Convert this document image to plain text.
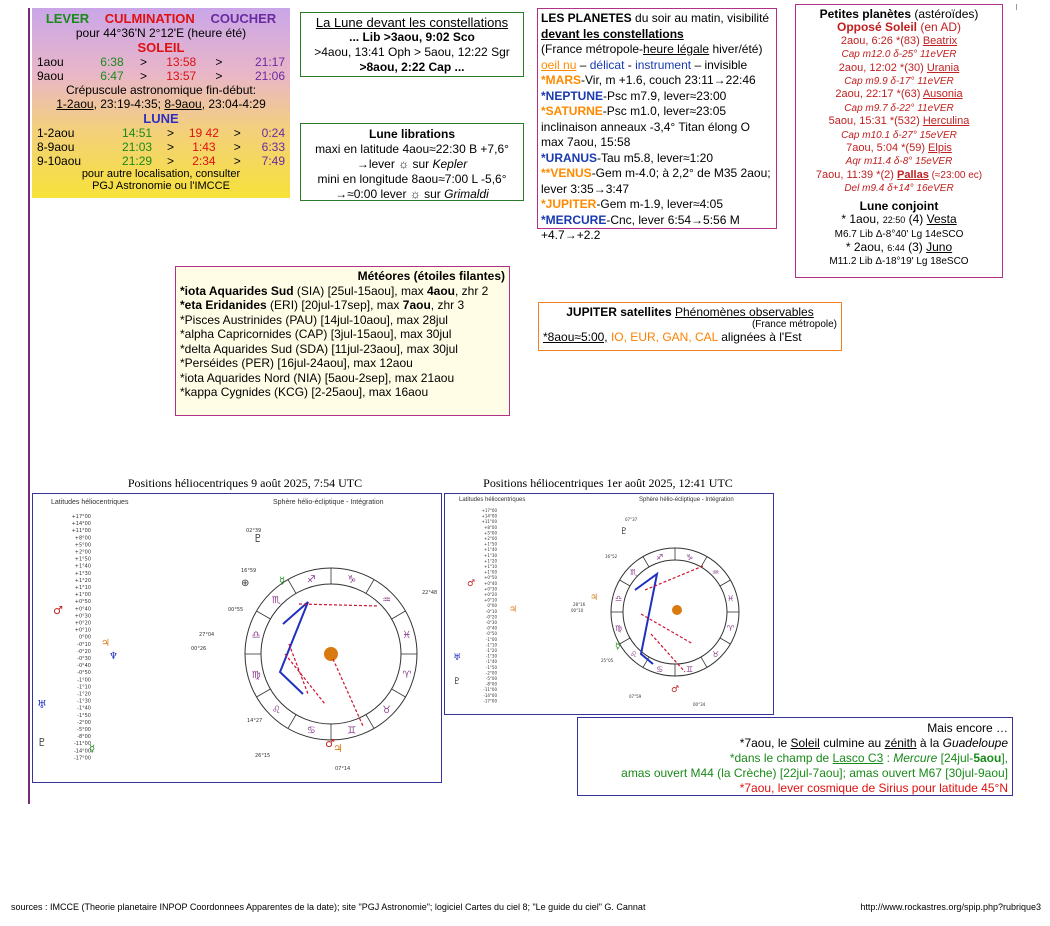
LEVER CULMINATION COUCHER
pour 44°36'N 2°12'E (heure été)
SOLEIL
1aou	6:38	>	13:58	>	21:17
9aou	6:47	>	13:57	>	21:06
Crépuscule astronomique fin-début:
1-2aou, 23:19-4:35; 8-9aou, 23:04-4:29
LUNE
1-2aou	14:51	>	19 42	>	0:24
8-9aou	21:03	>	1:43	>	6:33
9-10aou	21:29	>	2:34	>	7:49
pour autre localisation, consulter
PGJ Astronomie ou l'IMCCE
La Lune devant les constellations
... Lib >3aou, 9:02 Sco
>4aou, 13:41 Oph > 5aou, 12:22 Sgr
>8aou, 2:22 Cap ...
Lune librations
maxi en latitude 4aou≈22:30 B +7,6°
→lever ☼ sur Kepler
mini en longitude 8aou≈7:00 L -5,6°
→≈0:00 lever ☼ sur Grimaldi
LES PLANETES du soir au matin, visibilité
devant les constellations
(France métropole-heure légale hiver/été)
oeil nu – délicat - instrument – invisible
*MARS-Vir, m +1.6, couch 23:11→22:46
*NEPTUNE-Psc m7.9, lever≈23:00
*SATURNE-Psc m1.0, lever≈23:05
inclinaison anneaux -3,4° Titan élong O max 7aou, 15:58
*URANUS-Tau m5.8, lever≈1:20
**VENUS-Gem m-4.0; à 2,2° de M35 2aou; lever 3:35→3:47
*JUPITER-Gem m-1.9, lever≈4:05
*MERCURE-Cnc, lever 6:54→5:56 M +4.7→+2.2
Petites planètes (astéroïdes)
Opposé Soleil (en AD)
2aou, 6:26 *(83) Beatrix
Cap m12.0 δ-25° 11eVER
2aou, 12:02 *(30) Urania
Cap m9.9 δ-17° 11eVER
2aou, 22:17 *(63) Ausonia
Cap m9.7 δ-22° 11eVER
5aou, 15:31 *(532) Herculina
Cap m10.1 δ-27° 15eVER
7aou, 5:04 *(59) Elpis
Aqr m11.4 δ-8° 15eVER
7aou, 11:39 *(2) Pallas (≈23:00 ec)
Del m9.4 δ+14° 16eVER
Lune conjoint
* 1aou, 22:50 (4) Vesta
M6.7 Lib Δ-8°40' Lg 14eSCO
* 2aou, 6:44 (3) Juno
M11.2 Lib Δ-18°19' Lg 18eSCO
Météores (étoiles filantes)
*iota Aquarides Sud (SIA) [25ul-15aou], max 4aou, zhr 2
*eta Eridanides (ERI) [20jul-17sep], max 7aou, zhr 3
*Pisces Austrinides (PAU) [14jul-10aou], max 28jul
*alpha Capricornides (CAP) [3jul-15aou], max 30jul
*delta Aquarides Sud (SDA) [11jul-23aou], max 30jul
*Perséides (PER) [16jul-24aou], max 12aou
*iota Aquarides Nord (NIA) [5aou-2sep], max 21aou
*kappa Cygnides (KCG) [2-25aou], max 16aou
JUPITER satellites Phénomènes observables
(France métropole)
*8aou≈5:00, IO, EUR, GAN, CAL alignées à l'Est
Positions héliocentriques 9 août 2025, 7:54 UTC
Latitudes héliocentriques	Sphère hélio-écliptique - Intégration
+17°00
+14°00
+11°00
+8°00
+5°00
+2°00
+1°50
+1°40
+1°30
+1°20
+1°10
+1°00
+0°50
+0°40
+0°30
+0°20
+0°10
0°00
-0°10
-0°20
-0°30
-0°40
-0°50
-1°00
-1°10
-1°20
-1°30
-1°40
-1°50
-2°00
-5°00
-8°00
-11°00
-14°00
-17°00
♈
♉
♊
♋
♌
♍
♎
♏
♐	♑
♒
♓
02°39
16°59
00°55
27°04
00°26
22°48
14°27
26°15
07°14
♇
⊕	☿
♂
♃
♂
♃
♆
♅
♇
☿
Positions héliocentriques 1er août 2025, 12:41 UTC
Latitudes héliocentriques	Sphère hélio-écliptique - Intégration
+17°00
+14°00
+11°00
+8°00
+5°00
+2°00
+1°50
+1°40
+1°30
+1°20
+1°10
+1°00
+0°50
+0°40
+0°30
+0°20
+0°10
0°00
-0°10
-0°20
-0°30
-0°40
-0°50
-1°00
-1°10
-1°20
-1°30
-1°40
-1°50
-2°00
-5°00
-8°00
-11°00
-14°00
-17°00
♈
♉
♊
♋
♌
♍
♎
♏
♐	♑
♒
♓
07°37
16°52
28°16
00°10
25°05
07°59
00°34
♇
♃
☿
♂
♂
♃
♅
♇
Mais encore …
*7aou, le Soleil culmine au zénith à la Guadeloupe
*dans le champ de Lasco C3 : Mercure [24jul-5aou],
amas ouvert M44 (la Crèche) [22jul-7aou]; amas ouvert M67 [30jul-9aou]
*7aou, lever cosmique de Sirius pour latitude 45°N
sources : IMCCE (Theorie planetaire INPOP Coordonnees Apparentes de la date); site "PGJ Astronomie"; logiciel Cartes du ciel 8; "Le guide du ciel" G. Cannat	http://www.rockastres.org/spip.php?rubrique3
